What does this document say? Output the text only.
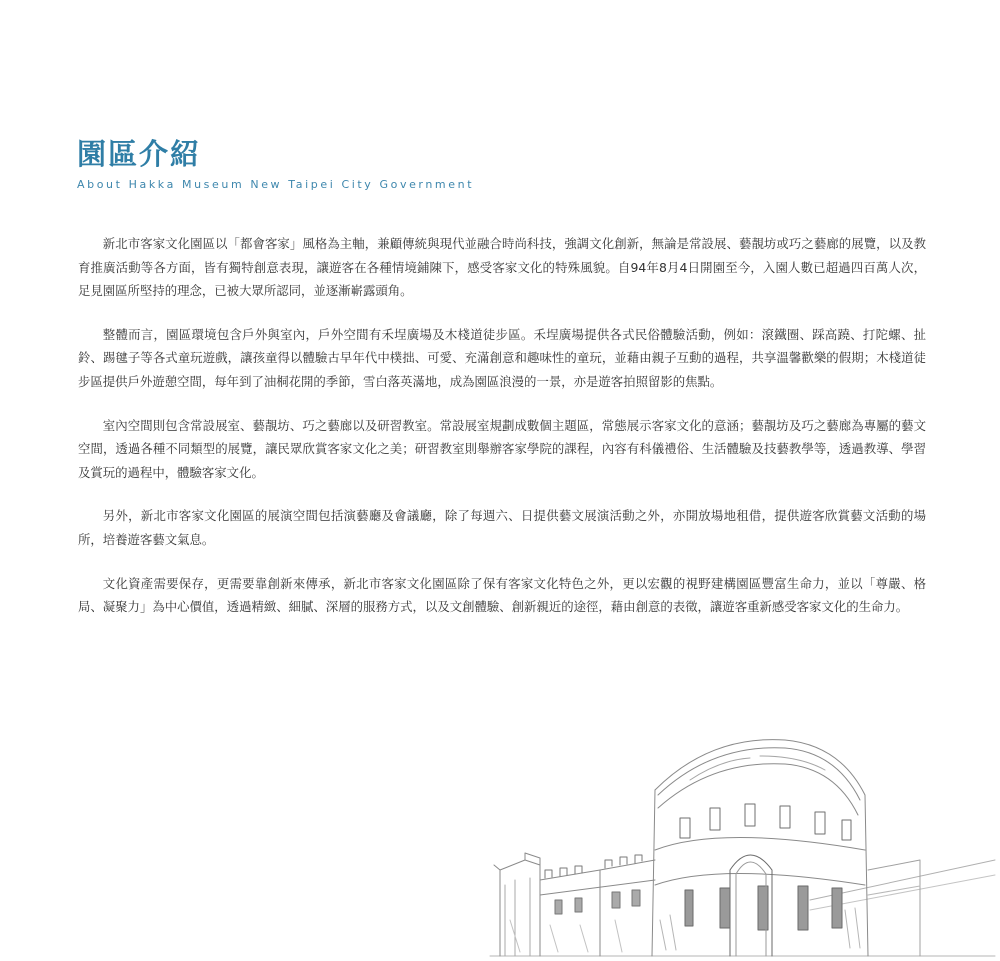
園區介紹
About Hakka Museum New Taipei City Government

新北市客家文化園區以「都會客家」風格為主軸，兼顧傳統與現代並融合時尚科技，強調文化創新，無論是常設展、藝靚坊或巧之藝廊的展覽，以及教育推廣活動等各方面，皆有獨特創意表現，讓遊客在各種情境鋪陳下，感受客家文化的特殊風貌。自94年8月4日開園至今，入園人數已超過四百萬人次，足見園區所堅持的理念，已被大眾所認同，並逐漸嶄露頭角。

整體而言，園區環境包含戶外與室內，戶外空間有禾埕廣場及木棧道徒步區。禾埕廣場提供各式民俗體驗活動，例如：滾鐵圈、踩高蹺、打陀螺、扯鈴、踢毽子等各式童玩遊戲，讓孩童得以體驗古早年代中樸拙、可愛、充滿創意和趣味性的童玩，並藉由親子互動的過程，共享溫馨歡樂的假期；木棧道徒步區提供戶外遊憩空間，每年到了油桐花開的季節，雪白落英滿地，成為園區浪漫的一景，亦是遊客拍照留影的焦點。

室內空間則包含常設展室、藝靚坊、巧之藝廊以及研習教室。常設展室規劃成數個主題區，常態展示客家文化的意涵；藝靚坊及巧之藝廊為專屬的藝文空間，透過各種不同類型的展覽，讓民眾欣賞客家文化之美；研習教室則舉辦客家學院的課程，內容有科儀禮俗、生活體驗及技藝教學等，透過教導、學習及賞玩的過程中，體驗客家文化。

另外，新北市客家文化園區的展演空間包括演藝廳及會議廳，除了每週六、日提供藝文展演活動之外，亦開放場地租借，提供遊客欣賞藝文活動的場所，培養遊客藝文氣息。

文化資產需要保存，更需要靠創新來傳承，新北市客家文化園區除了保有客家文化特色之外，更以宏觀的視野建構園區豐富生命力，並以「尊嚴、格局、凝聚力」為中心價值，透過精緻、細膩、深層的服務方式，以及文創體驗、創新親近的途徑，藉由創意的表徵，讓遊客重新感受客家文化的生命力。
